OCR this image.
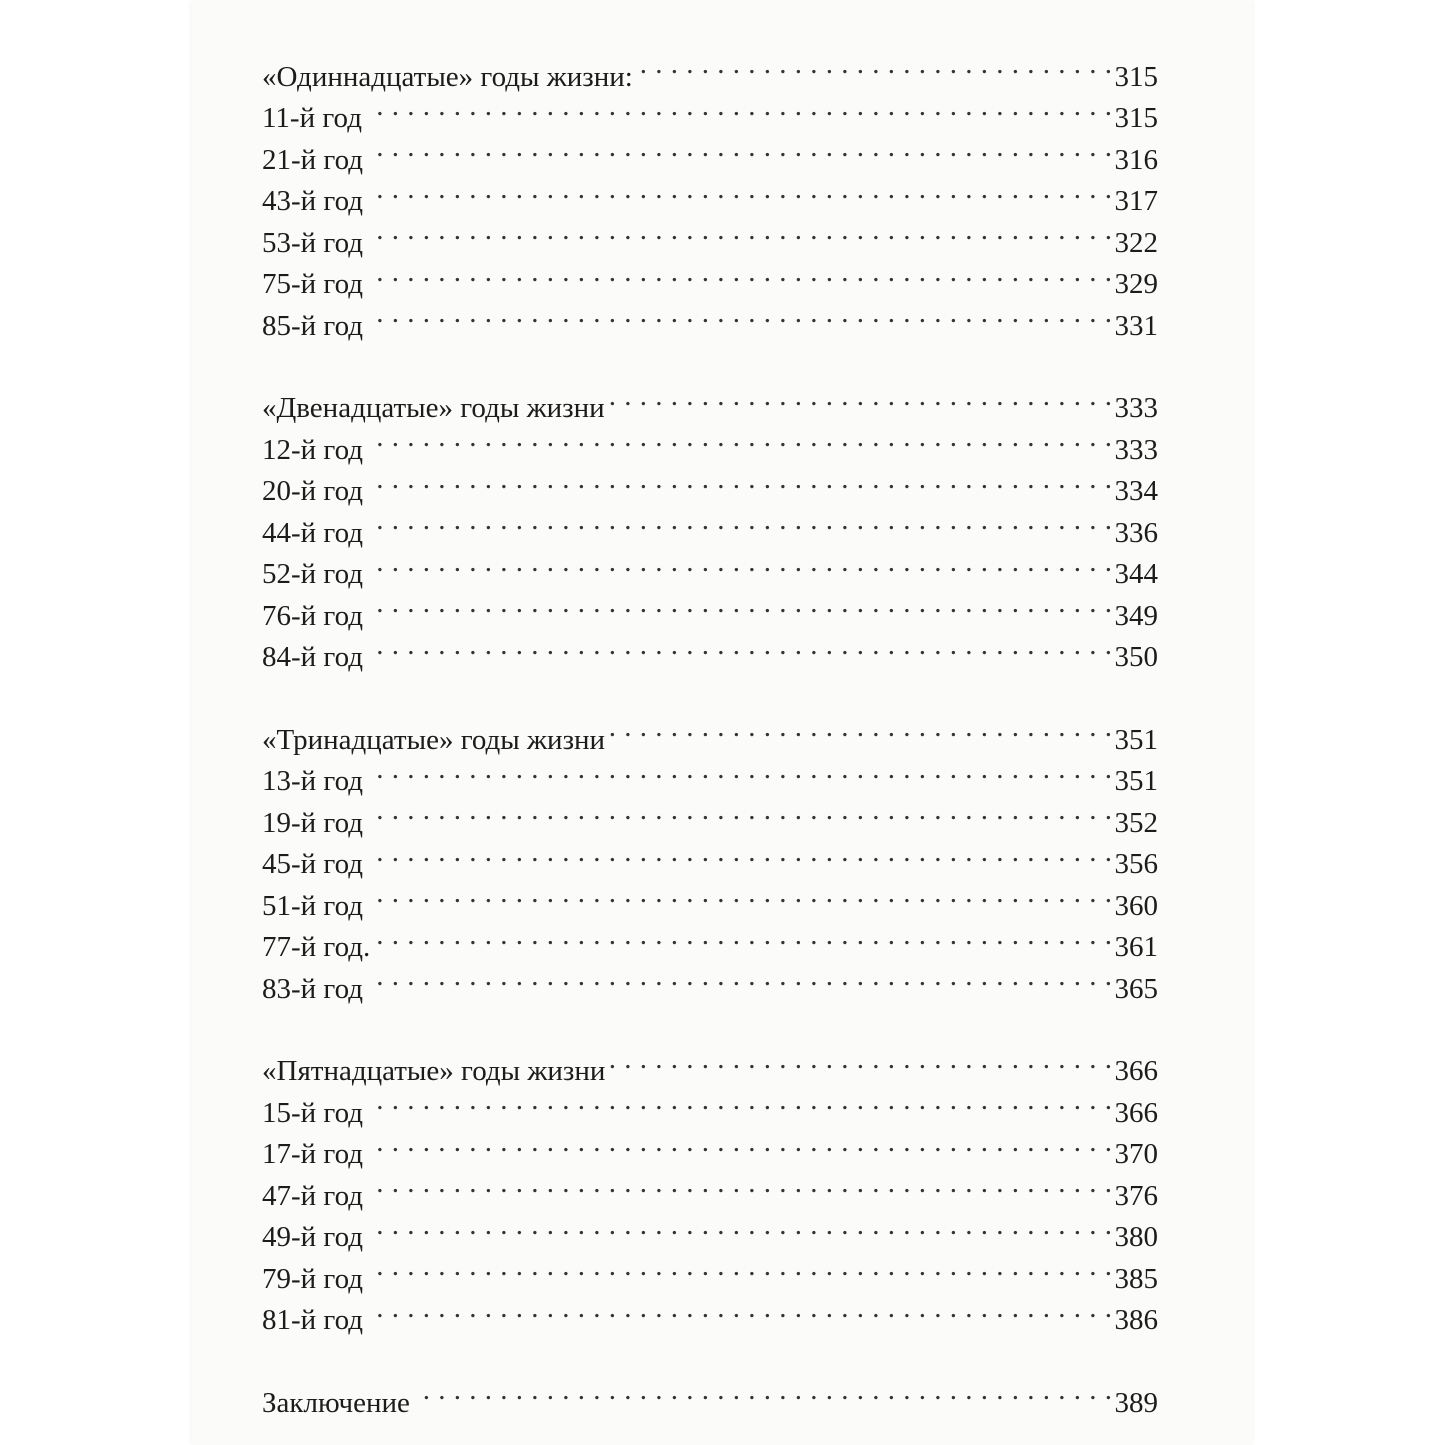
«Одиннадцатые» годы жизни: . . .	315
11-й год . . .	315
21-й год . . .	316
43-й год . . .	317
53-й год . . .	322
75-й год . . .	329
85-й год . . .	331
«Двенадцатые» годы жизни . . .	333
12-й год . . .	333
20-й год . . .	334
44-й год . . .	336
52-й год . . .	344
76-й год . . .	349
84-й год . . .	350
«Тринадцатые» годы жизни . . .	351
13-й год . . .	351
19-й год . . .	352
45-й год . . .	356
51-й год . . .	360
77-й год. . . .	361
83-й год . . .	365
«Пятнадцатые» годы жизни . . .	366
15-й год . . .	366
17-й год . . .	370
47-й год . . .	376
49-й год . . .	380
79-й год . . .	385
81-й год . . .	386
Заключение . . .	389
